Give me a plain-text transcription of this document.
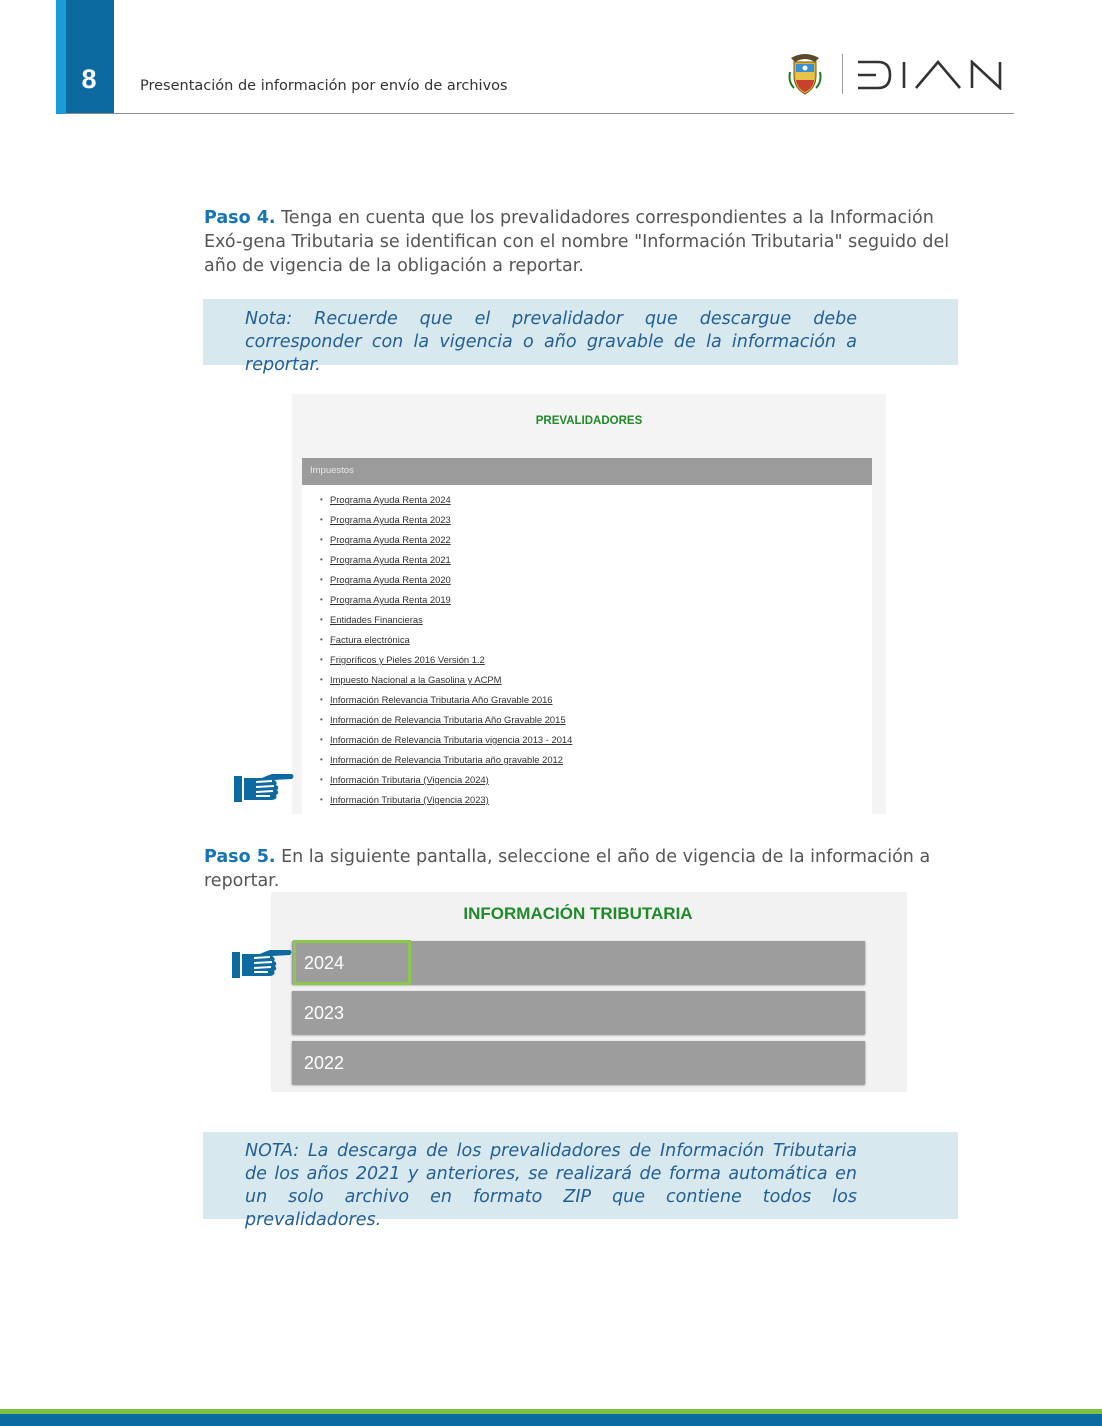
8	Presentación de información por envío de archivos
Paso 4. Tenga en cuenta que los prevalidadores correspondientes a la Información Exó-gena Tributaria se identifican con el nombre "Información Tributaria" seguido del año de vigencia de la obligación a reportar.

Nota: Recuerde que el prevalidador que descargue debe corresponder con la vigencia o año gravable de la información a reportar.

PREVALIDADORES
Impuestos
• Programa Ayuda Renta 2024
• Programa Ayuda Renta 2023
• Programa Ayuda Renta 2022
• Programa Ayuda Renta 2021
• Programa Ayuda Renta 2020
• Programa Ayuda Renta 2019
• Entidades Financieras
• Factura electrónica
• Frigoríficos y Pieles 2016 Versión 1.2
• Impuesto Nacional a la Gasolina y ACPM
• Información Relevancia Tributaria Año Gravable 2016
• Información de Relevancia Tributaria Año Gravable 2015
• Información de Relevancia Tributaria vigencia 2013 - 2014
• Información de Relevancia Tributaria año gravable 2012
• Información Tributaria (Vigencia 2024)
• Información Tributaria (Vigencia 2023)
Paso 5. En la siguiente pantalla, seleccione el año de vigencia de la información a reportar.
INFORMACIÓN TRIBUTARIA
2024
2023
2022

NOTA: La descarga de los prevalidadores de Información Tributaria de los años 2021 y anteriores, se realizará de forma automática en un solo archivo en formato ZIP que contiene todos los prevalidadores.
